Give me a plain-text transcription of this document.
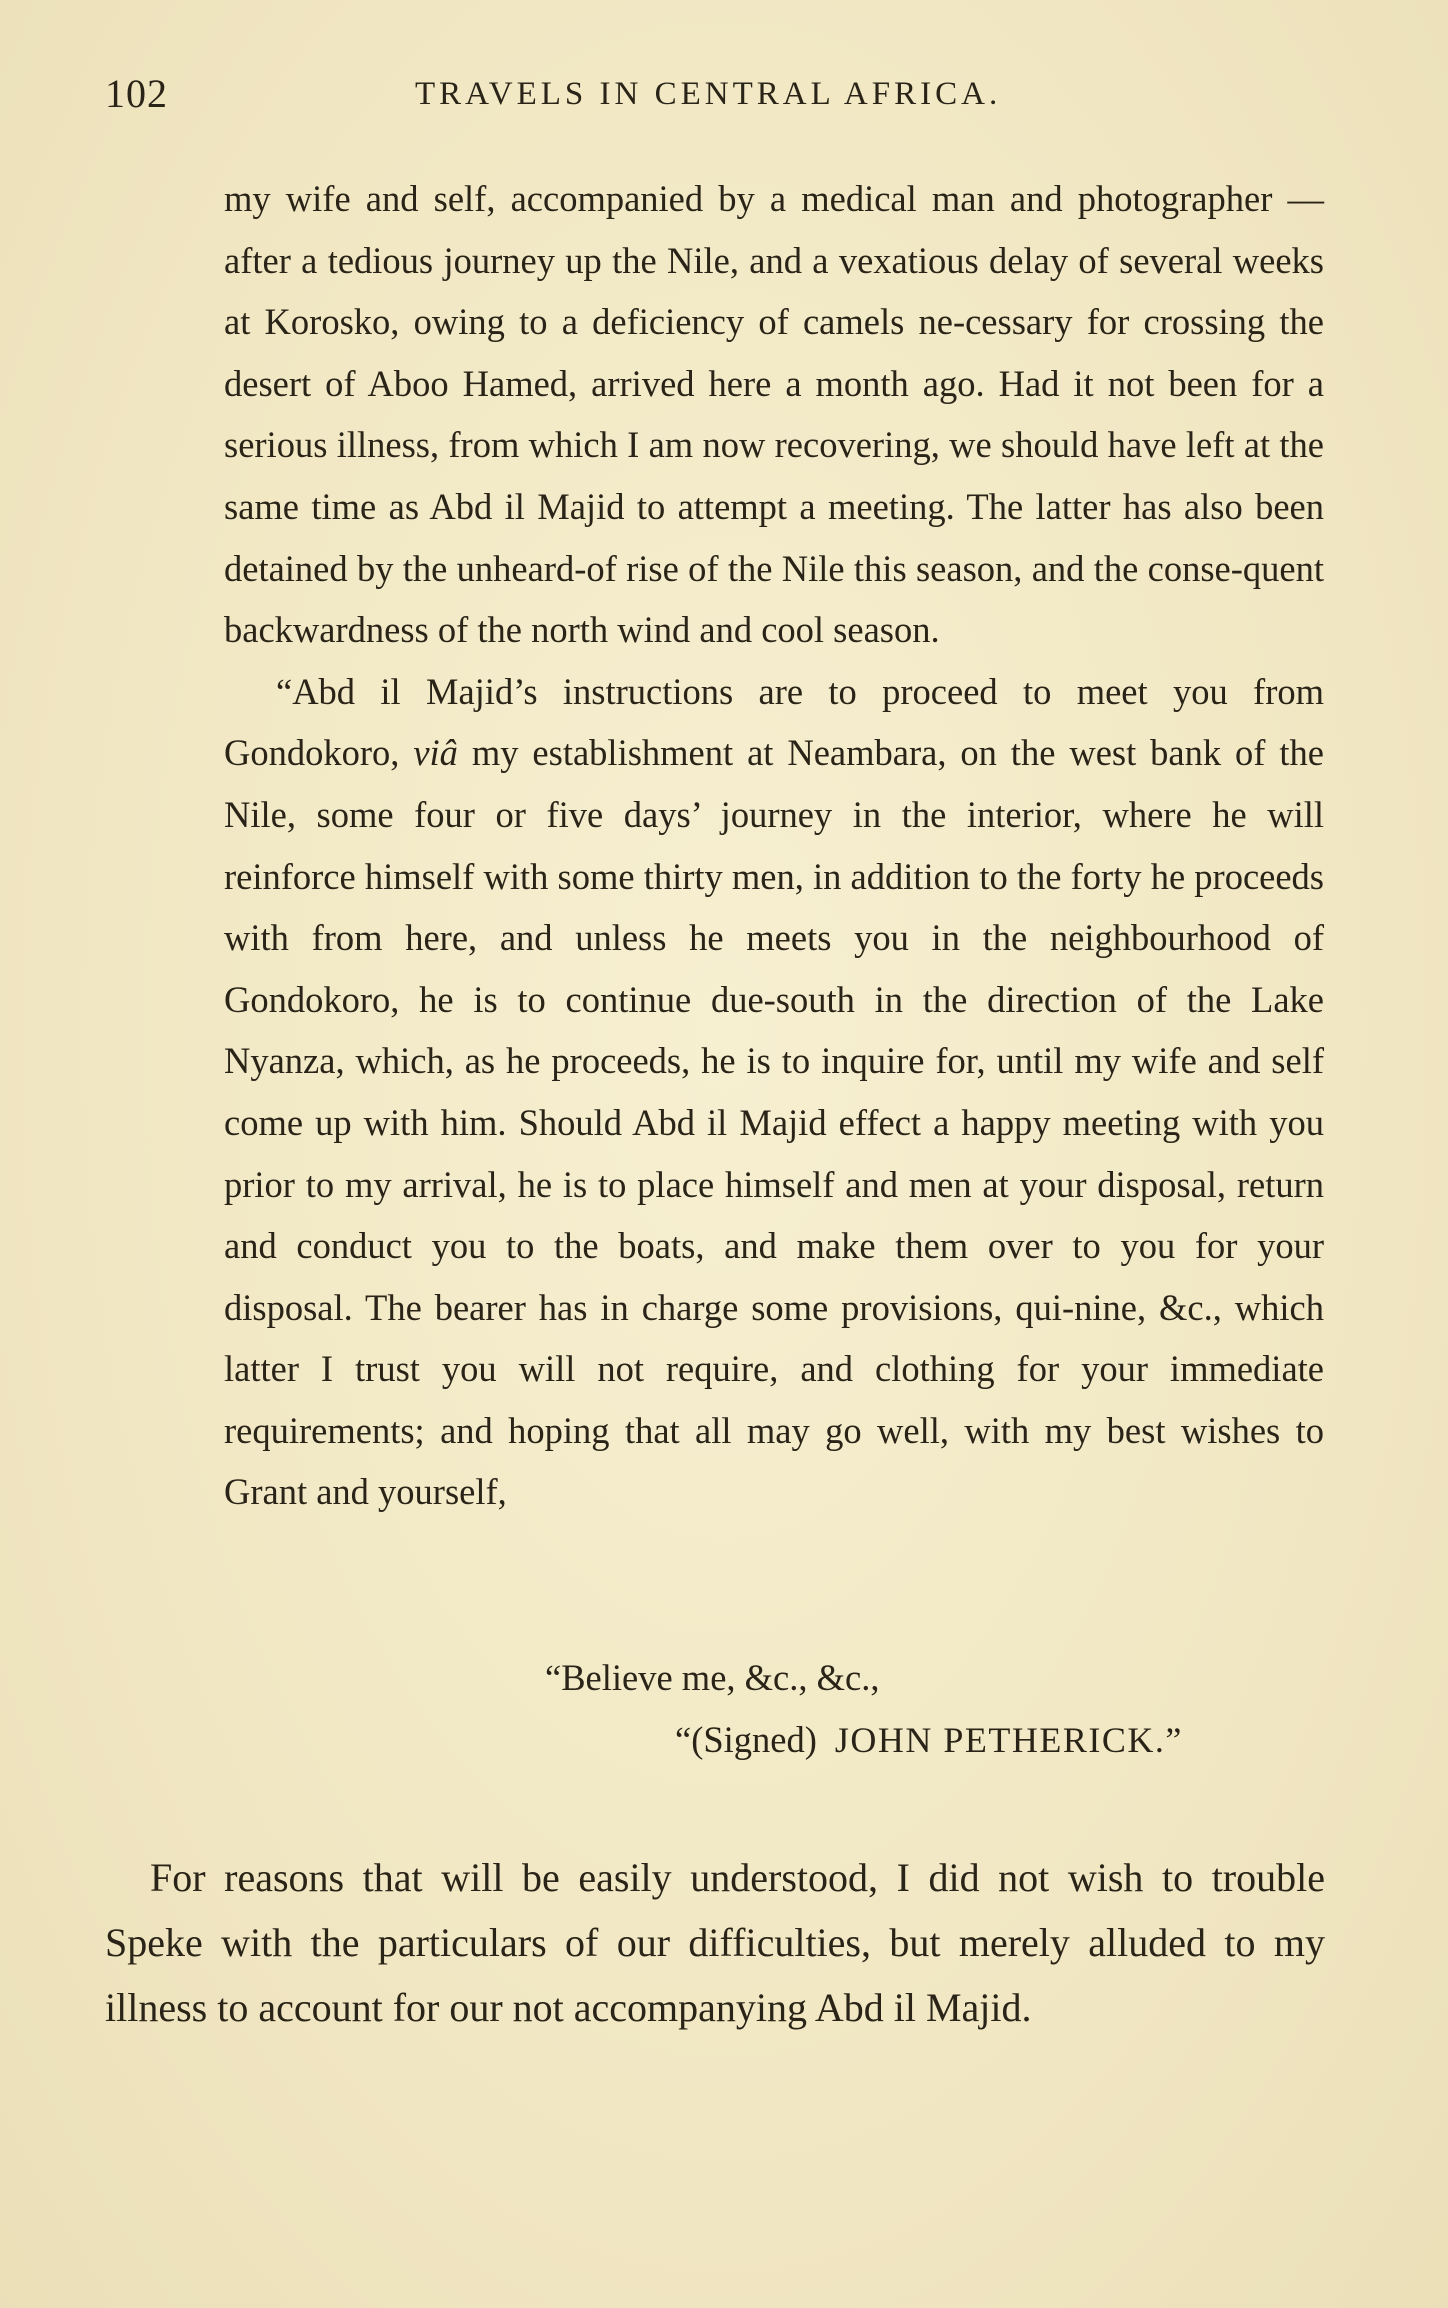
102	TRAVELS IN CENTRAL AFRICA.

my wife and self, accompanied by a medical man and photographer —after a tedious journey up the Nile, and a vexatious delay of several weeks at Korosko, owing to a deficiency of camels ne-cessary for crossing the desert of Aboo Hamed, arrived here a month ago. Had it not been for a serious illness, from which I am now recovering, we should have left at the same time as Abd il Majid to attempt a meeting. The latter has also been detained by the unheard-of rise of the Nile this season, and the conse-quent backwardness of the north wind and cool season.

“Abd il Majid’s instructions are to proceed to meet you from Gondokoro, viâ my establishment at Neambara, on the west bank of the Nile, some four or five days’ journey in the interior, where he will reinforce himself with some thirty men, in addition to the forty he proceeds with from here, and unless he meets you in the neighbourhood of Gondokoro, he is to continue due-south in the direction of the Lake Nyanza, which, as he proceeds, he is to inquire for, until my wife and self come up with him. Should Abd il Majid effect a happy meeting with you prior to my arrival, he is to place himself and men at your disposal, return and conduct you to the boats, and make them over to you for your disposal. The bearer has in charge some provisions, qui-nine, &c., which latter I trust you will not require, and clothing for your immediate requirements; and hoping that all may go well, with my best wishes to Grant and yourself,

“Believe me, &c., &c.,
“(Signed) JOHN PETHERICK.”

For reasons that will be easily understood, I did not wish to trouble Speke with the particulars of our difficulties, but merely alluded to my illness to account for our not accompanying Abd il Majid.
